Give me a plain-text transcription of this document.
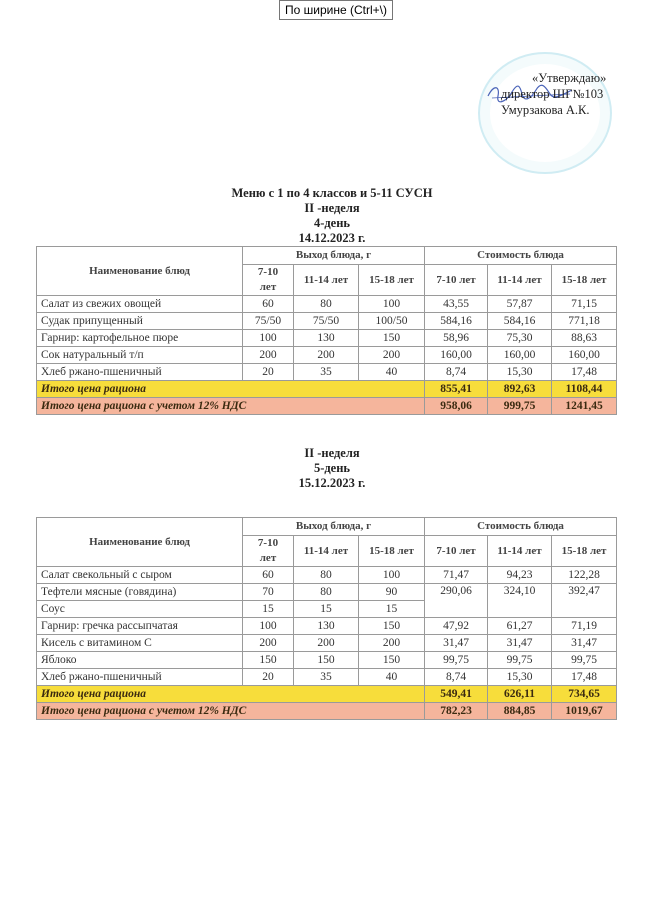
По ширине (Ctrl+\)
«Утверждаю»
директор ШГ№103
Умурзакова А.К.
Меню с 1 по 4 классов и 5-11 СУСН
II -неделя
4-день
14.12.2023 г.
Наименование блюд	Выход блюда, г			Стоимость блюда		
	7-10 лет	11-14 лет	15-18 лет	7-10 лет	11-14 лет	15-18 лет
Салат из свежих овощей	60	80	100	43,55	57,87	71,15
Судак припущенный	75/50	75/50	100/50	584,16	584,16	771,18
Гарнир: картофельное пюре	100	130	150	58,96	75,30	88,63
Сок натуральный т/п	200	200	200	160,00	160,00	160,00
Хлеб ржано-пшеничный	20	35	40	8,74	15,30	17,48
Итого цена рациона				855,41	892,63	1108,44
Итого цена рациона с учетом 12% НДС				958,06	999,75	1241,45
II -неделя
5-день
15.12.2023 г.
Наименование блюд	Выход блюда, г			Стоимость блюда		
	7-10 лет	11-14 лет	15-18 лет	7-10 лет	11-14 лет	15-18 лет
Салат свекольный с сыром	60	80	100	71,47	94,23	122,28
Тефтели мясные (говядина)	70	80	90	290,06	324,10	392,47
Соус	15	15	15			
Гарнир: гречка рассыпчатая	100	130	150	47,92	61,27	71,19
Кисель с витамином С	200	200	200	31,47	31,47	31,47
Яблоко	150	150	150	99,75	99,75	99,75
Хлеб ржано-пшеничный	20	35	40	8,74	15,30	17,48
Итого цена рациона				549,41	626,11	734,65
Итого цена рациона с учетом 12% НДС				782,23	884,85	1019,67
